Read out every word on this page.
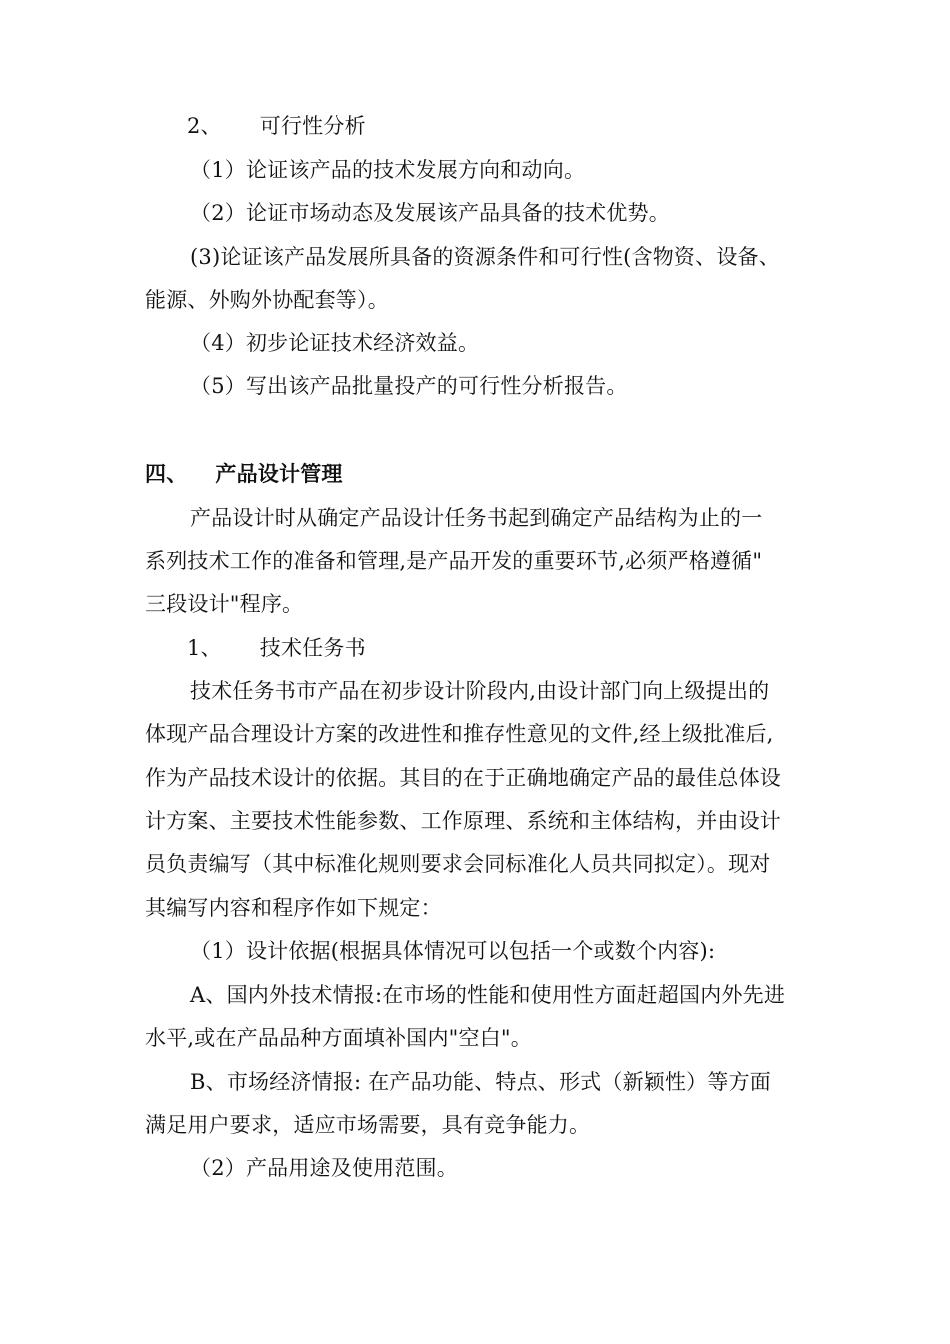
2、 可行性分析
（1）论证该产品的技术发展方向和动向。
（2）论证市场动态及发展该产品具备的技术优势。
(3)论证该产品发展所具备的资源条件和可行性(含物资、设备、
能源、外购外协配套等）。
（4）初步论证技术经济效益。
（5）写出该产品批量投产的可行性分析报告。
四、 产品设计管理
产品设计时从确定产品设计任务书起到确定产品结构为止的一
系列技术工作的准备和管理,是产品开发的重要环节,必须严格遵循"
三段设计"程序。
1、 技术任务书
技术任务书市产品在初步设计阶段内,由设计部门向上级提出的
体现产品合理设计方案的改进性和推存性意见的文件,经上级批准后,
作为产品技术设计的依据。其目的在于正确地确定产品的最佳总体设
计方案、主要技术性能参数、工作原理、系统和主体结构，并由设计
员负责编写（其中标准化规则要求会同标准化人员共同拟定）。现对
其编写内容和程序作如下规定：
（1）设计依据(根据具体情况可以包括一个或数个内容):
A、国内外技术情报:在市场的性能和使用性方面赶超国内外先进
水平,或在产品品种方面填补国内"空白"。
B、市场经济情报: 在产品功能、特点、形式（新颖性）等方面
满足用户要求，适应市场需要，具有竞争能力。
（2）产品用途及使用范围。
